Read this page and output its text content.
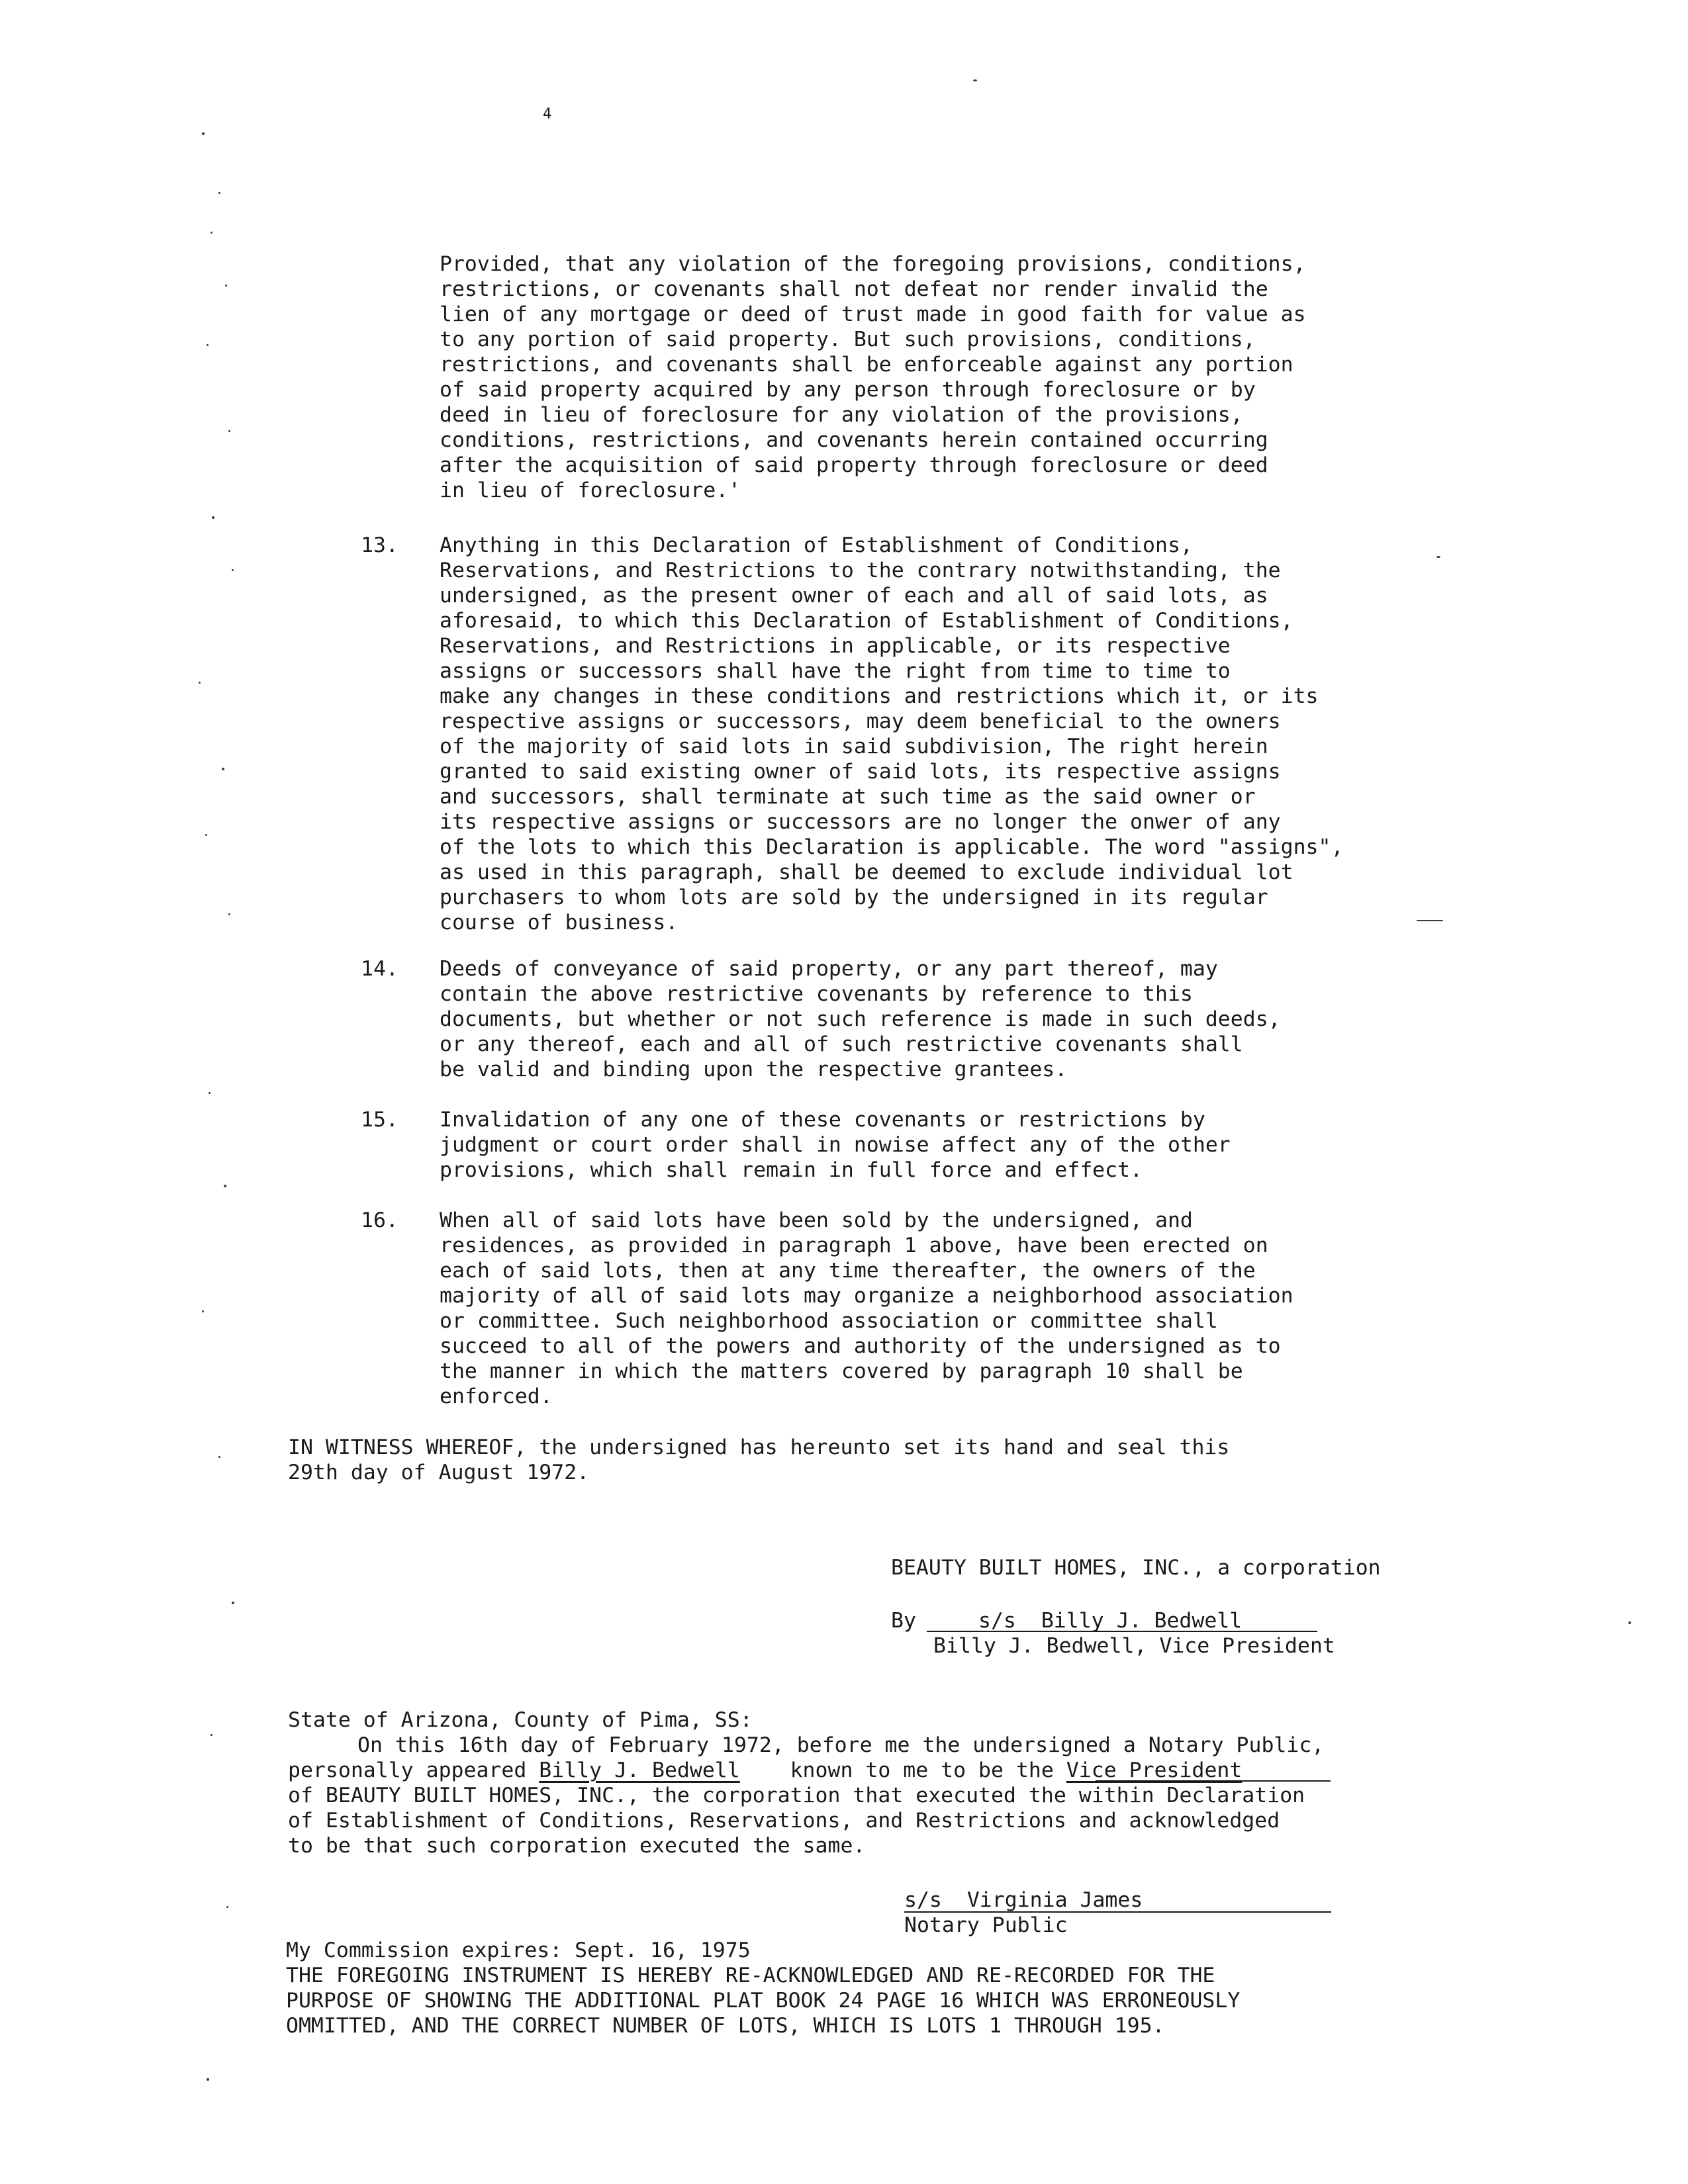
4
Provided, that any violation of the foregoing provisions, conditions,
restrictions, or covenants shall not defeat nor render invalid the
lien of any mortgage or deed of trust made in good faith for value as
to any portion of said property. But such provisions, conditions,
restrictions, and covenants shall be enforceable against any portion
of said property acquired by any person through foreclosure or by
deed in lieu of foreclosure for any violation of the provisions,
conditions, restrictions, and covenants herein contained occurring
after the acquisition of said property through foreclosure or deed
in lieu of foreclosure.'
13. Anything in this Declaration of Establishment of Conditions,
Reservations, and Restrictions to the contrary notwithstanding, the
undersigned, as the present owner of each and all of said lots, as
aforesaid, to which this Declaration of Establishment of Conditions,
Reservations, and Restrictions in applicable, or its respective
assigns or successors shall have the right from time to time to
make any changes in these conditions and restrictions which it, or its
respective assigns or successors, may deem beneficial to the owners
of the majority of said lots in said subdivision, The right herein
granted to said existing owner of said lots, its respective assigns
and successors, shall terminate at such time as the said owner or
its respective assigns or successors are no longer the onwer of any
of the lots to which this Declaration is applicable. The word "assigns",
as used in this paragraph, shall be deemed to exclude individual lot
purchasers to whom lots are sold by the undersigned in its regular
course of business.
14. Deeds of conveyance of said property, or any part thereof, may
contain the above restrictive covenants by reference to this
documents, but whether or not such reference is made in such deeds,
or any thereof, each and all of such restrictive covenants shall
be valid and binding upon the respective grantees.
15. Invalidation of any one of these covenants or restrictions by
judgment or court order shall in nowise affect any of the other
provisions, which shall remain in full force and effect.
16. When all of said lots have been sold by the undersigned, and
residences, as provided in paragraph 1 above, have been erected on
each of said lots, then at any time thereafter, the owners of the
majority of all of said lots may organize a neighborhood association
or committee. Such neighborhood association or committee shall
succeed to all of the powers and authority of the undersigned as to
the manner in which the matters covered by paragraph 10 shall be
enforced.
IN WITNESS WHEREOF, the undersigned has hereunto set its hand and seal this
29th day of August 1972.
BEAUTY BUILT HOMES, INC., a corporation
By	s/s  Billy J. Bedwell
Billy J. Bedwell, Vice President
State of Arizona, County of Pima, SS:
On this 16th day of February 1972, before me the undersigned a Notary Public,
personally appeared Billy J. Bedwell    known to me to be the Vice President
of BEAUTY BUILT HOMES, INC., the corporation that executed the within Declaration
of Establishment of Conditions, Reservations, and Restrictions and acknowledged
to be that such corporation executed the same.
s/s  Virginia James
Notary Public
My Commission expires: Sept. 16, 1975
THE FOREGOING INSTRUMENT IS HEREBY RE-ACKNOWLEDGED AND RE-RECORDED FOR THE
PURPOSE OF SHOWING THE ADDITIONAL PLAT BOOK 24 PAGE 16 WHICH WAS ERRONEOUSLY
OMMITTED, AND THE CORRECT NUMBER OF LOTS, WHICH IS LOTS 1 THROUGH 195.
